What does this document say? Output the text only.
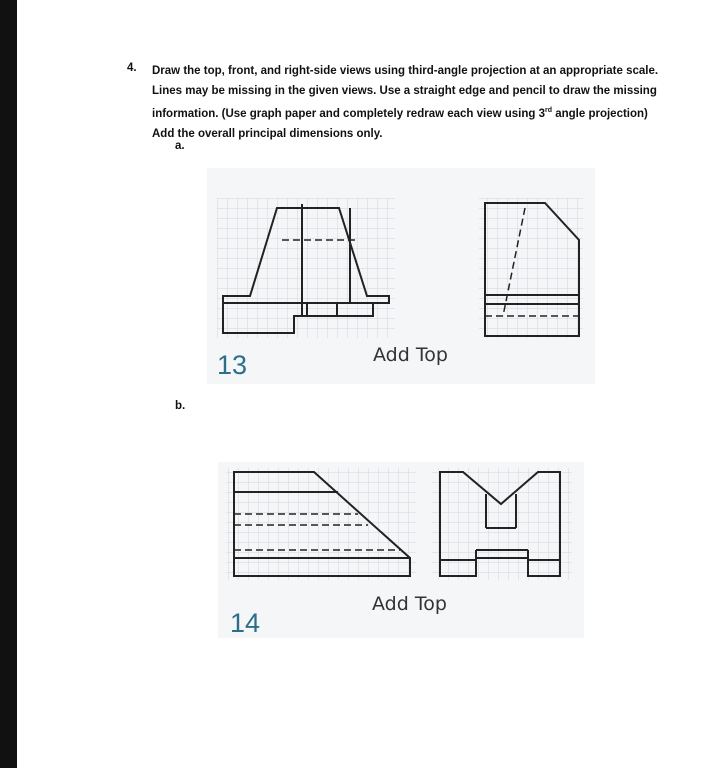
4. Draw the top, front, and right-side views using third-angle projection at an appropriate scale.
Lines may be missing in the given views. Use a straight edge and pencil to draw the missing
information. (Use graph paper and completely redraw each view using 3rd angle projection)
Add the overall principal dimensions only.
a.
13	Add Top
b.
Add Top
14
